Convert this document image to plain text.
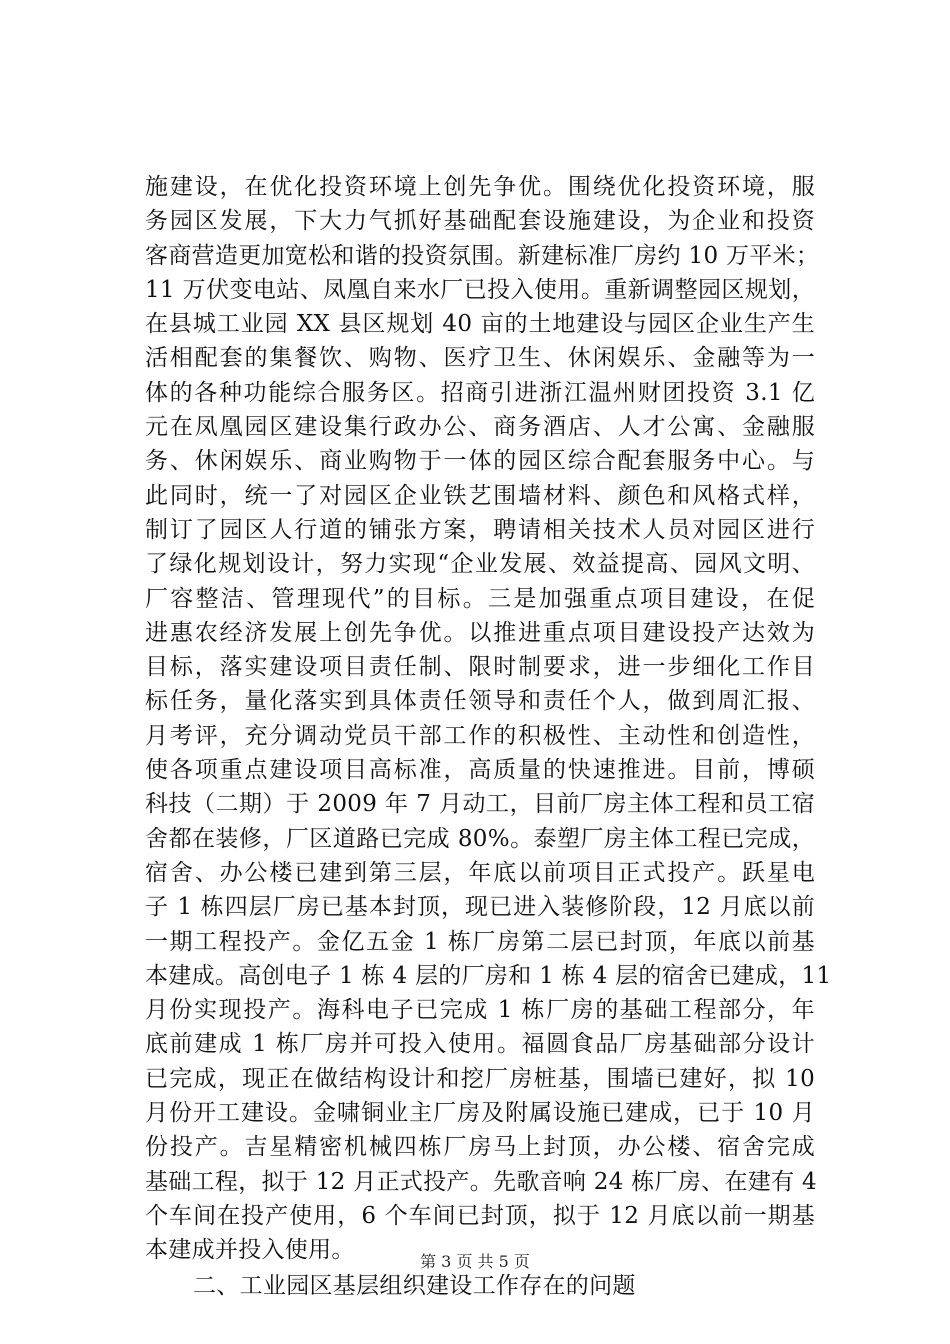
施建设，在优化投资环境上创先争优。围绕优化投资环境，服
务园区发展，下大力气抓好基础配套设施建设，为企业和投资
客商营造更加宽松和谐的投资氛围。新建标准厂房约 10 万平米；
11 万伏变电站、凤凰自来水厂已投入使用。重新调整园区规划，
在县城工业园 XX 县区规划 40 亩的土地建设与园区企业生产生
活相配套的集餐饮、购物、医疗卫生、休闲娱乐、金融等为一
体的各种功能综合服务区。招商引进浙江温州财团投资 3.1 亿
元在凤凰园区建设集行政办公、商务酒店、人才公寓、金融服
务、休闲娱乐、商业购物于一体的园区综合配套服务中心。与
此同时，统一了对园区企业铁艺围墙材料、颜色和风格式样，
制订了园区人行道的铺张方案，聘请相关技术人员对园区进行
了绿化规划设计，努力实现“企业发展、效益提高、园风文明、
厂容整洁、管理现代”的目标。三是加强重点项目建设，在促
进惠农经济发展上创先争优。以推进重点项目建设投产达效为
目标，落实建设项目责任制、限时制要求，进一步细化工作目
标任务，量化落实到具体责任领导和责任个人，做到周汇报、
月考评，充分调动党员干部工作的积极性、主动性和创造性，
使各项重点建设项目高标准，高质量的快速推进。目前，博硕
科技（二期）于 2009 年 7 月动工，目前厂房主体工程和员工宿
舍都在装修，厂区道路已完成 80%。泰塑厂房主体工程已完成，
宿舍、办公楼已建到第三层，年底以前项目正式投产。跃星电
子 1 栋四层厂房已基本封顶，现已进入装修阶段，12 月底以前
一期工程投产。金亿五金 1 栋厂房第二层已封顶，年底以前基
本建成。高创电子 1 栋 4 层的厂房和 1 栋 4 层的宿舍已建成，11
月份实现投产。海科电子已完成 1 栋厂房的基础工程部分，年
底前建成 1 栋厂房并可投入使用。福圆食品厂房基础部分设计
已完成，现正在做结构设计和挖厂房桩基，围墙已建好，拟 10
月份开工建设。金啸铜业主厂房及附属设施已建成，已于 10 月
份投产。吉星精密机械四栋厂房马上封顶，办公楼、宿舍完成
基础工程，拟于 12 月正式投产。先歌音响 24 栋厂房、在建有 4
个车间在投产使用，6 个车间已封顶，拟于 12 月底以前一期基
本建成并投入使用。
二、工业园区基层组织建设工作存在的问题
第 3 页 共 5 页
